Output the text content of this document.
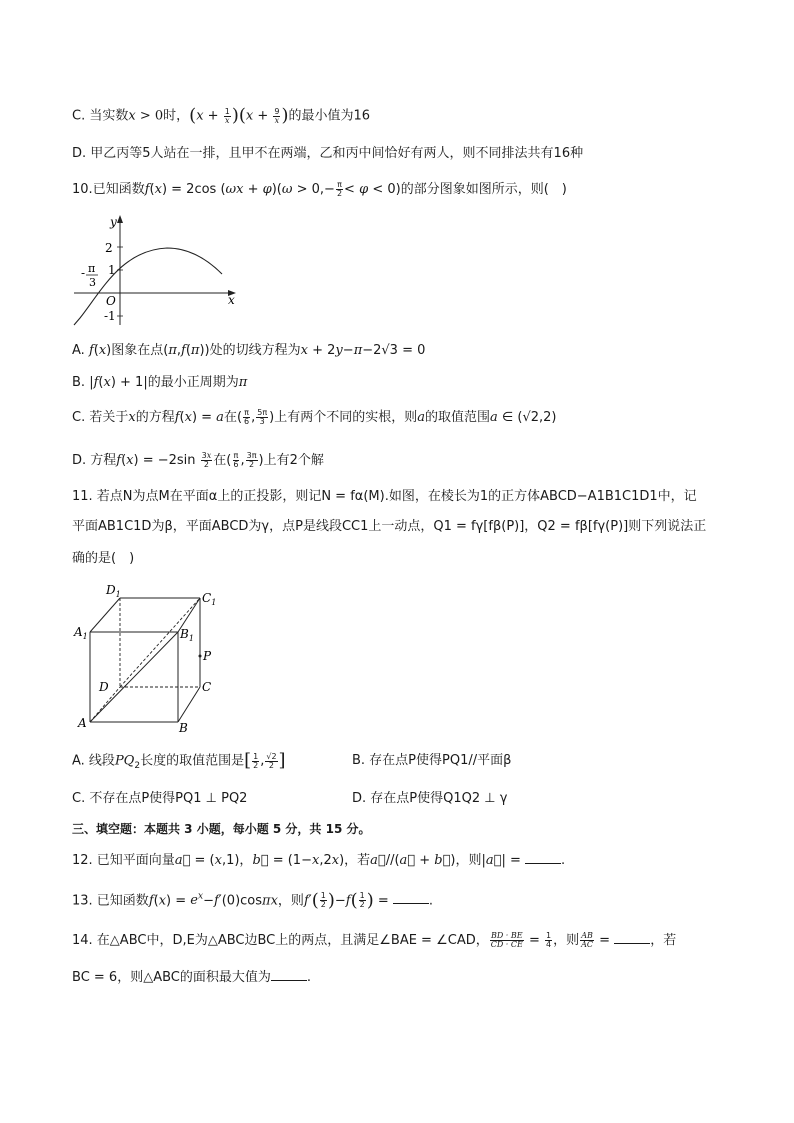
C. 当实数x > 0时，$(x + \frac{1}{x} )(x + \frac{9}{x}$ )的最小值为16
D. 甲乙丙等5人站在一排，且甲不在两端，乙和丙中间恰好有两人，则不同排法共有16种
10.已知函数f(x) = 2cos $(\omega x + \varphi)(\omega > 0,- \frac{\pi}{2} < \varphi < 0)$的部分图象如图所示，则(　)
y
x
O
2
1
-1
- π
3
A. f(x)图象在点(π,f(π))处的切线方程为x + 2y−π−2√3 = 0
B. |f(x) + 1|的最小正周期为π
C. 若关于x的方程f(x) = a在( $\frac{\pi}{6}$ , $\frac{5\pi}{3}$ )上有两个不同的实根，则a的取值范围a ∈ (√2,2)
D. 方程$f(x) = -2\sin \frac{3x}{2}$ 在( $\frac{\pi}{6}$ , $\frac{3\pi}{2}$ )上有2个解
11. 若点N为点M在平面α上的正投影，则记N = fα(M).如图，在棱长为1的正方体ABCD−A1B1C1D1中，记
平面AB1C1D为β，平面ABCD为γ，点P是线段CC1上一动点，Q1 = fγ[fβ(P)]，Q2 = fβ[fγ(P)]则下列说法正
确的是(　)
$D_1$	$C_1$
$A_1$	$B_1$
P
D	C
A	B
A. 线段$PQ_2$长度的取值范围是[ $\frac{1}{2}$ , $\frac{√2}{2}$ ]	B. 存在点P使得PQ1//平面β
C. 不存在点P使得PQ1 ⊥ PQ2	D. 存在点P使得Q1Q2 ⊥ γ
三、填空题：本题共 3 小题，每小题 5 分，共 15 分。
12. 已知平面向量a⃗ = (x,1)，b⃗ = (1−x,2x)，若a⃗//(a⃗ + b⃗)，则|a⃗| =	.
13. 已知函数$f(x) = e^x-f'(0)\cos\pi x$，则$f'( \frac{1}{2} )-f( \frac{1}{2}$ ) =	.
14. 在△ABC中，D,E为△ABC边BC上的两点，且满足∠BAE = ∠CAD， $\frac{BD \cdot BE}{CD \cdot CE} = \frac{1}{4}$ ，则 $\frac{AB}{AC}$ =	，若
BC = 6，则△ABC的面积最大值为	.
